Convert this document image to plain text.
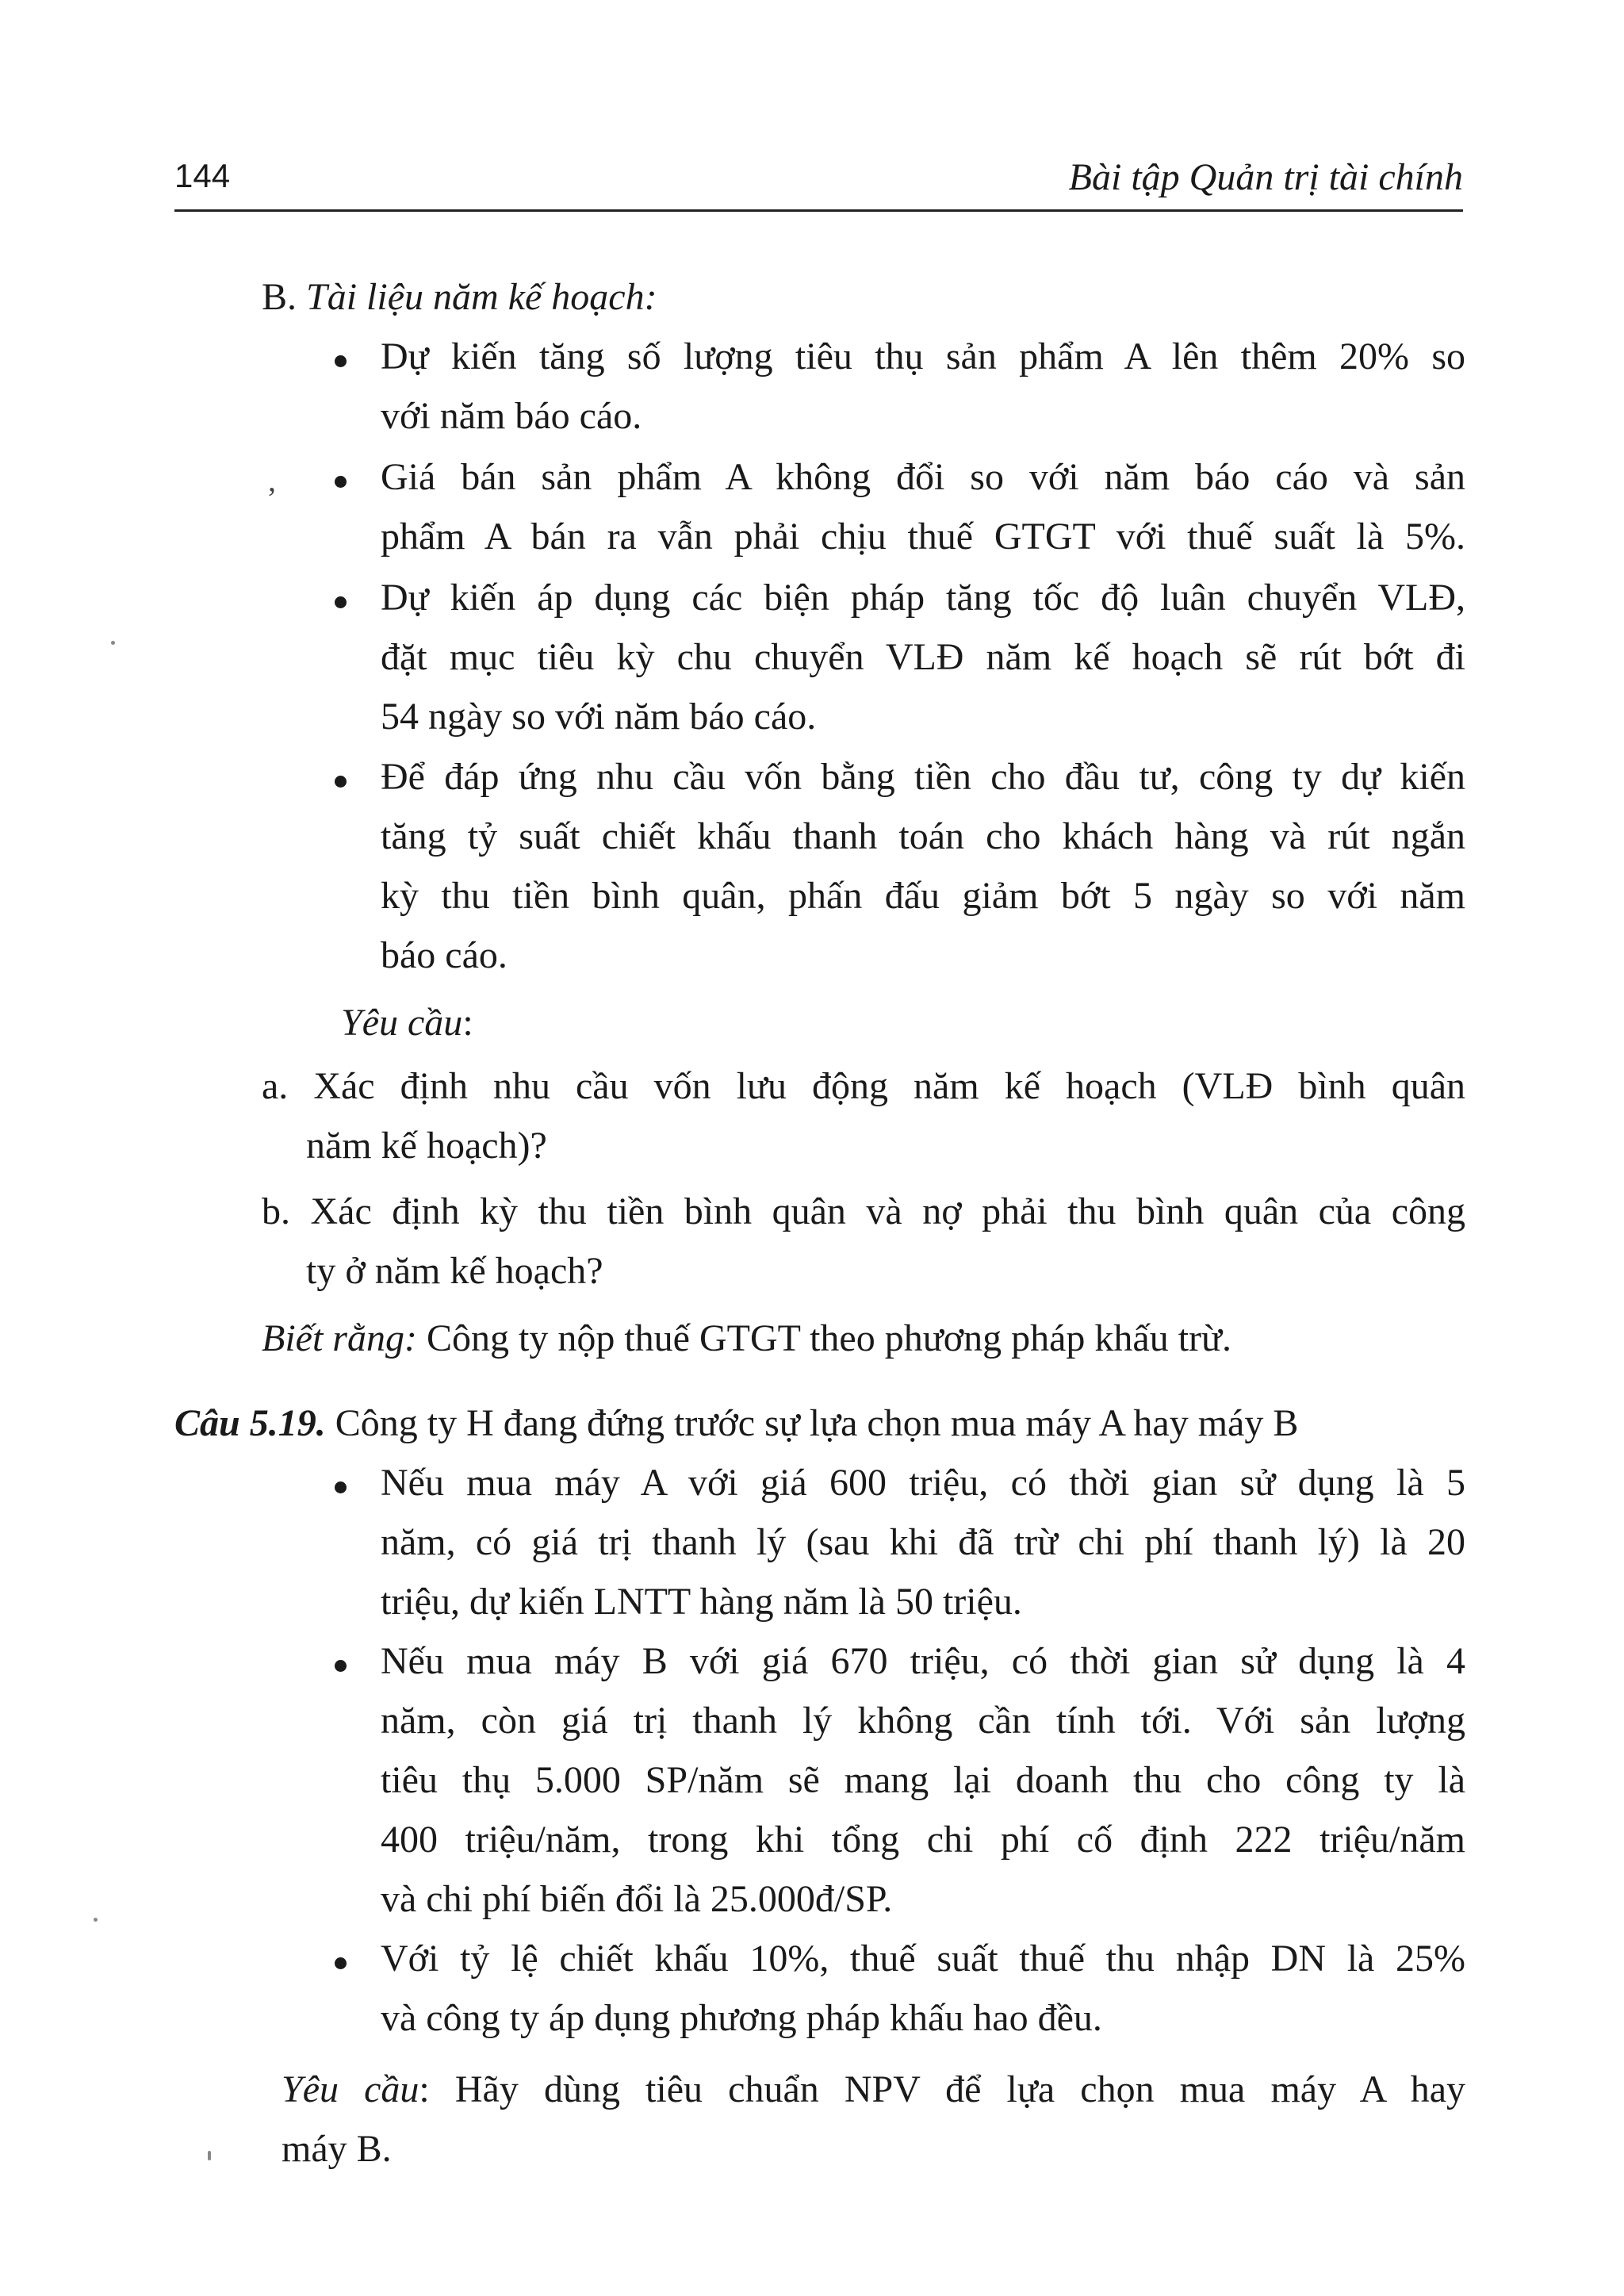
144	Bài tập Quản trị tài chính
B. Tài liệu năm kế hoạch:
Dự kiến tăng số lượng tiêu thụ sản phẩm A lên thêm 20% so
với năm báo cáo.
,	Giá bán sản phẩm A không đổi so với năm báo cáo và sản
phẩm A bán ra vẫn phải chịu thuế GTGT với thuế suất là 5%.
Dự kiến áp dụng các biện pháp tăng tốc độ luân chuyển VLĐ,
đặt mục tiêu kỳ chu chuyển VLĐ năm kế hoạch sẽ rút bớt đi
54 ngày so với năm báo cáo.
Để đáp ứng nhu cầu vốn bằng tiền cho đầu tư, công ty dự kiến
tăng tỷ suất chiết khấu thanh toán cho khách hàng và rút ngắn
kỳ thu tiền bình quân, phấn đấu giảm bớt 5 ngày so với năm
báo cáo.
Yêu cầu:
a. Xác định nhu cầu vốn lưu động năm kế hoạch (VLĐ bình quân
năm kế hoạch)?
b. Xác định kỳ thu tiền bình quân và nợ phải thu bình quân của công
ty ở năm kế hoạch?
Biết rằng: Công ty nộp thuế GTGT theo phương pháp khấu trừ.
Câu 5.19. Công ty H đang đứng trước sự lựa chọn mua máy A hay máy B
Nếu mua máy A với giá 600 triệu, có thời gian sử dụng là 5
năm, có giá trị thanh lý (sau khi đã trừ chi phí thanh lý) là 20
triệu, dự kiến LNTT hàng năm là 50 triệu.
Nếu mua máy B với giá 670 triệu, có thời gian sử dụng là 4
năm, còn giá trị thanh lý không cần tính tới. Với sản lượng
tiêu thụ 5.000 SP/năm sẽ mang lại doanh thu cho công ty là
400 triệu/năm, trong khi tổng chi phí cố định 222 triệu/năm
và chi phí biến đổi là 25.000đ/SP.
Với tỷ lệ chiết khấu 10%, thuế suất thuế thu nhập DN là 25%
và công ty áp dụng phương pháp khấu hao đều.
Yêu cầu: Hãy dùng tiêu chuẩn NPV để lựa chọn mua máy A hay
máy B.
